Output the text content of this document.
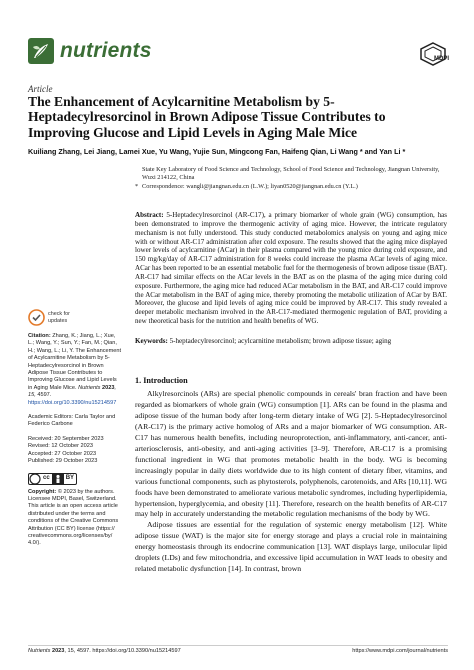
nutrients	MDPI
Article
The Enhancement of Acylcarnitine Metabolism by 5-Heptadecylresorcinol in Brown Adipose Tissue Contributes to Improving Glucose and Lipid Levels in Aging Male Mice
Kuiliang Zhang, Lei Jiang, Lamei Xue, Yu Wang, Yujie Sun, Mingcong Fan, Haifeng Qian, Li Wang * and Yan Li *
State Key Laboratory of Food Science and Technology, School of Food Science and Technology, Jiangnan University, Wuxi 214122, China
* Correspondence: wangli@jiangnan.edu.cn (L.W.); liyan0520@jiangnan.edu.cn (Y.L.)
Abstract: 5-Heptadecylresorcinol (AR-C17), a primary biomarker of whole grain (WG) consumption, has been demonstrated to improve the thermogenic activity of aging mice. However, the intricate regulatory mechanism is not fully understood. This study conducted metabolomics analysis on young and aging mice with or without AR-C17 administration after cold exposure. The results showed that the aging mice displayed lower levels of acylcarnitine (ACar) in their plasma compared with the young mice during cold exposure, and 150 mg/kg/day of AR-C17 administration for 8 weeks could increase the plasma ACar levels of aging mice. ACar has been reported to be an essential metabolic fuel for the thermogenesis of brown adipose tissue (BAT). AR-C17 had similar effects on the ACar levels in the BAT as on the plasma of the aging mice during cold exposure. Furthermore, the aging mice had reduced ACar metabolism in the BAT, and AR-C17 could improve the ACar metabolism in the BAT of aging mice, thereby promoting the metabolic utilization of ACar by BAT. Moreover, the glucose and lipid levels of aging mice could be improved by AR-C17. This study revealed a deeper metabolic mechanism involved in the AR-C17-mediated thermogenic regulation of BAT, providing a new theoretical basis for the nutrition and health benefits of WG.
Keywords: 5-heptadecylresorcinol; acylcarnitine metabolism; brown adipose tissue; aging
check for
updates
Citation: Zhang, K.; Jiang, L.; Xue, L.; Wang, Y.; Sun, Y.; Fan, M.; Qian, H.; Wang, L.; Li, Y. The Enhancement of Acylcarnitine Metabolism by 5-Heptadecylresorcinol in Brown Adipose Tissue Contributes to Improving Glucose and Lipid Levels in Aging Male Mice. Nutrients 2023, 15, 4597. https://doi.org/10.3390/nu15214597
Academic Editors: Carla Taylor and Federico Carbone
Received: 20 September 2023
Revised: 12 October 2023
Accepted: 27 October 2023
Published: 29 October 2023
cc	BY
Copyright: © 2023 by the authors. Licensee MDPI, Basel, Switzerland. This article is an open access article distributed under the terms and conditions of the Creative Commons Attribution (CC BY) license (https:// creativecommons.org/licenses/by/ 4.0/).
1. Introduction

Alkylresorcinols (ARs) are special phenolic compounds in cereals' bran fraction and have been regarded as biomarkers of whole grain (WG) consumption [1]. ARs can be found in the plasma and adipose tissue of the human body after long-term dietary intake of WG [2]. 5-Heptadecylresorcinol (AR-C17) is the primary active homolog of ARs and a major biomarker of WG consumption. AR-C17 has numerous health benefits, including neuroprotection, anti-inflammatory, anti-cancer, anti-arteriosclerosis, anti-obesity, and anti-aging activities [3–9]. Therefore, AR-C17 is a promising functional ingredient in WG that promotes metabolic health in the body. WG is becoming increasingly popular in daily diets worldwide due to its high content of dietary fiber, vitamins, and various functional components, such as phytosterols, polyphenols, carotenoids, and ARs [10,11]. WG foods have been demonstrated to ameliorate various metabolic syndromes, including hyperlipidemia, hypertension, hyperglycemia, and obesity [11]. Therefore, research on the health benefits of AR-C17 may help in accurately understanding the metabolic regulation mechanisms of the body by WG.

Adipose tissues are essential for the regulation of systemic energy metabolism [12]. White adipose tissue (WAT) is the major site for energy storage and plays a crucial role in maintaining energy homeostasis through its endocrine communication [13]. WAT displays large, unilocular lipid droplets (LDs) and few mitochondria, and excessive lipid accumulation in WAT leads to obesity and related metabolic dysfunction [14]. In contrast, brown

Nutrients 2023, 15, 4597. https://doi.org/10.3390/nu15214597	https://www.mdpi.com/journal/nutrients
